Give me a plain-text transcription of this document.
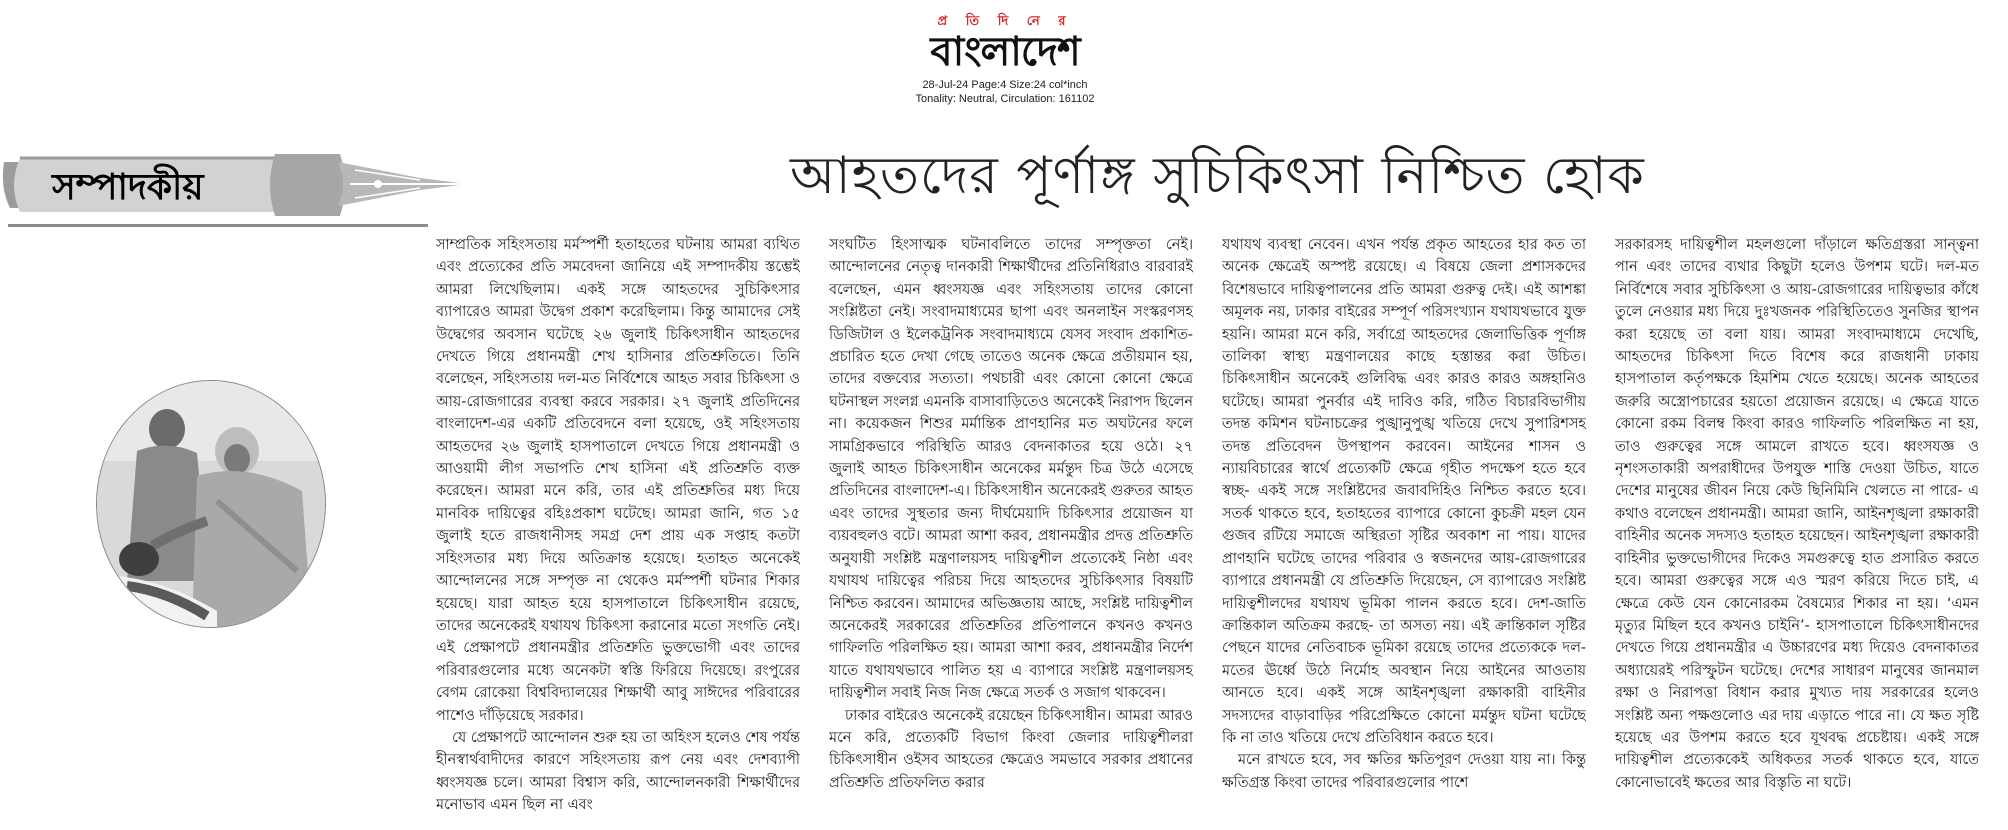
প্র তি দি নে র
বাংলাদেশ
28-Jul-24 Page:4 Size:24 col*inch
Tonality: Neutral, Circulation: 161102
সম্পাদকীয়	আহতদের পূর্ণাঙ্গ সুচিকিৎসা নিশ্চিত হোক

সাম্প্রতিক সহিংসতায় মর্মস্পর্শী হতাহতের ঘটনায় আমরা ব্যথিত এবং প্রত্যেকের প্রতি সমবেদনা জানিয়ে এই সম্পাদকীয় স্তম্ভেই আমরা লিখেছিলাম। একই সঙ্গে আহতদের সুচিকিৎসার ব্যাপারেও আমরা উদ্বেগ প্রকাশ করেছিলাম। কিন্তু আমাদের সেই উদ্বেগের অবসান ঘটেছে ২৬ জুলাই চিকিৎসাধীন আহতদের দেখতে গিয়ে প্রধানমন্ত্রী শেখ হাসিনার প্রতিশ্রুতিতে। তিনি বলেছেন, সহিংসতায় দল-মত নির্বিশেষে আহত সবার চিকিৎসা ও আয়-রোজগারের ব্যবস্থা করবে সরকার। ২৭ জুলাই প্রতিদিনের বাংলাদেশ-এর একটি প্রতিবেদনে বলা হয়েছে, ওই সহিংসতায় আহতদের ২৬ জুলাই হাসপাতালে দেখতে গিয়ে প্রধানমন্ত্রী ও আওয়ামী লীগ সভাপতি শেখ হাসিনা এই প্রতিশ্রুতি ব্যক্ত করেছেন। আমরা মনে করি, তার এই প্রতিশ্রুতির মধ্য দিয়ে মানবিক দায়িত্বের বহিঃপ্রকাশ ঘটেছে। আমরা জানি, গত ১৫ জুলাই হতে রাজধানীসহ সমগ্র দেশ প্রায় এক সপ্তাহ কতটা সহিংসতার মধ্য দিয়ে অতিক্রান্ত হয়েছে। হতাহত অনেকেই আন্দোলনের সঙ্গে সম্পৃক্ত না থেকেও মর্মস্পর্শী ঘটনার শিকার হয়েছে। যারা আহত হয়ে হাসপাতালে চিকিৎসাধীন রয়েছে, তাদের অনেকেরই যথাযথ চিকিৎসা করানোর মতো সংগতি নেই। এই প্রেক্ষাপটে প্রধানমন্ত্রীর প্রতিশ্রুতি ভুক্তভোগী এবং তাদের পরিবারগুলোর মধ্যে অনেকটা স্বস্তি ফিরিয়ে দিয়েছে। রংপুরের বেগম রোকেয়া বিশ্ববিদ্যালয়ের শিক্ষার্থী আবু সাঈদের পরিবারের পাশেও দাঁড়িয়েছে সরকার।

যে প্রেক্ষাপটে আন্দোলন শুরু হয় তা অহিংস হলেও শেষ পর্যন্ত হীনস্বার্থবাদীদের কারণে সহিংসতায় রূপ নেয় এবং দেশব্যাপী ধ্বংসযজ্ঞ চলে। আমরা বিশ্বাস করি, আন্দোলনকারী শিক্ষার্থীদের মনোভাব এমন ছিল না এবং

সংঘটিত হিংসাত্মক ঘটনাবলিতে তাদের সম্পৃক্ততা নেই। আন্দোলনের নেতৃত্ব দানকারী শিক্ষার্থীদের প্রতিনিধিরাও বারবারই বলেছেন, এমন ধ্বংসযজ্ঞ এবং সহিংসতায় তাদের কোনো সংশ্লিষ্টতা নেই। সংবাদমাধ্যমের ছাপা এবং অনলাইন সংস্করণসহ ডিজিটাল ও ইলেকট্রনিক সংবাদমাধ্যমে যেসব সংবাদ প্রকাশিত-প্রচারিত হতে দেখা গেছে তাতেও অনেক ক্ষেত্রে প্রতীয়মান হয়, তাদের বক্তব্যের সত্যতা। পথচারী এবং কোনো কোনো ক্ষেত্রে ঘটনাস্থল সংলগ্ন এমনকি বাসাবাড়িতেও অনেকেই নিরাপদ ছিলেন না। কয়েকজন শিশুর মর্মান্তিক প্রাণহানির মত অঘটনের ফলে সামগ্রিকভাবে পরিস্থিতি আরও বেদনাকাতর হয়ে ওঠে। ২৭ জুলাই আহত চিকিৎসাধীন অনেকের মর্মন্তুদ চিত্র উঠে এসেছে প্রতিদিনের বাংলাদেশ-এ। চিকিৎসাধীন অনেকেরই গুরুতর আহত এবং তাদের সুস্থতার জন্য দীর্ঘমেয়াদি চিকিৎসার প্রয়োজন যা ব্যয়বহুলও বটে। আমরা আশা করব, প্রধানমন্ত্রীর প্রদত্ত প্রতিশ্রুতি অনুযায়ী সংশ্লিষ্ট মন্ত্রণালয়সহ দায়িত্বশীল প্রত্যেকেই নিষ্ঠা এবং যথাযথ দায়িত্বের পরিচয় দিয়ে আহতদের সুচিকিৎসার বিষয়টি নিশ্চিত করবেন। আমাদের অভিজ্ঞতায় আছে, সংশ্লিষ্ট দায়িত্বশীল অনেকেরই সরকারের প্রতিশ্রুতির প্রতিপালনে কখনও কখনও গাফিলতি পরিলক্ষিত হয়। আমরা আশা করব, প্রধানমন্ত্রীর নির্দেশ যাতে যথাযথভাবে পালিত হয় এ ব্যাপারে সংশ্লিষ্ট মন্ত্রণালয়সহ দায়িত্বশীল সবাই নিজ নিজ ক্ষেত্রে সতর্ক ও সজাগ থাকবেন।

ঢাকার বাইরেও অনেকেই রয়েছেন চিকিৎসাধীন। আমরা আরও মনে করি, প্রত্যেকটি বিভাগ কিংবা জেলার দায়িত্বশীলরা চিকিৎসাধীন ওইসব আহতের ক্ষেত্রেও সমভাবে সরকার প্রধানের প্রতিশ্রুতি প্রতিফলিত করার

যথাযথ ব্যবস্থা নেবেন। এখন পর্যন্ত প্রকৃত আহতের হার কত তা অনেক ক্ষেত্রেই অস্পষ্ট রয়েছে। এ বিষয়ে জেলা প্রশাসকদের বিশেষভাবে দায়িত্বপালনের প্রতি আমরা গুরুত্ব দেই। এই আশঙ্কা অমূলক নয়, ঢাকার বাইরের সম্পূর্ণ পরিসংখ্যান যথাযথভাবে যুক্ত হয়নি। আমরা মনে করি, সর্বাগ্রে আহতদের জেলাভিত্তিক পূর্ণাঙ্গ তালিকা স্বাস্থ্য মন্ত্রণালয়ের কাছে হস্তান্তর করা উচিত। চিকিৎসাধীন অনেকেই গুলিবিদ্ধ এবং কারও কারও অঙ্গহানিও ঘটেছে। আমরা পুনর্বার এই দাবিও করি, গঠিত বিচারবিভাগীয় তদন্ত কমিশন ঘটনাচক্রের পুঙ্খানুপুঙ্খ খতিয়ে দেখে সুপারিশসহ তদন্ত প্রতিবেদন উপস্থাপন করবেন। আইনের শাসন ও ন্যায়বিচারের স্বার্থে প্রত্যেকটি ক্ষেত্রে গৃহীত পদক্ষেপ হতে হবে স্বচ্ছ- একই সঙ্গে সংশ্লিষ্টদের জবাবদিহিও নিশ্চিত করতে হবে। সতর্ক থাকতে হবে, হতাহতের ব্যাপারে কোনো কুচক্রী মহল যেন গুজব রটিয়ে সমাজে অস্থিরতা সৃষ্টির অবকাশ না পায়। যাদের প্রাণহানি ঘটেছে তাদের পরিবার ও স্বজনদের আয়-রোজগারের ব্যাপারে প্রধানমন্ত্রী যে প্রতিশ্রুতি দিয়েছেন, সে ব্যাপারেও সংশ্লিষ্ট দায়িত্বশীলদের যথাযথ ভূমিকা পালন করতে হবে। দেশ-জাতি ক্রান্তিকাল অতিক্রম করছে- তা অসত্য নয়। এই ক্রান্তিকাল সৃষ্টির পেছনে যাদের নেতিবাচক ভূমিকা রয়েছে তাদের প্রত্যেককে দল-মতের ঊর্ধ্বে উঠে নির্মোহ অবস্থান নিয়ে আইনের আওতায় আনতে হবে। একই সঙ্গে আইনশৃঙ্খলা রক্ষাকারী বাহিনীর সদস্যদের বাড়াবাড়ির পরিপ্রেক্ষিতে কোনো মর্মন্তুদ ঘটনা ঘটেছে কি না তাও খতিয়ে দেখে প্রতিবিধান করতে হবে।

মনে রাখতে হবে, সব ক্ষতির ক্ষতিপূরণ দেওয়া যায় না। কিন্তু ক্ষতিগ্রস্ত কিংবা তাদের পরিবারগুলোর পাশে

সরকারসহ দায়িত্বশীল মহলগুলো দাঁড়ালে ক্ষতিগ্রস্তরা সান্ত্বনা পান এবং তাদের ব্যথার কিছুটা হলেও উপশম ঘটে। দল-মত নির্বিশেষে সবার সুচিকিৎসা ও আয়-রোজগারের দায়িত্বভার কাঁধে তুলে নেওয়ার মধ্য দিয়ে দুঃখজনক পরিস্থিতিতেও সুনজির স্থাপন করা হয়েছে তা বলা যায়। আমরা সংবাদমাধ্যমে দেখেছি, আহতদের চিকিৎসা দিতে বিশেষ করে রাজধানী ঢাকায় হাসপাতাল কর্তৃপক্ষকে হিমশিম খেতে হয়েছে। অনেক আহতের জরুরি অস্ত্রোপচারের হয়তো প্রয়োজন রয়েছে। এ ক্ষেত্রে যাতে কোনো রকম বিলম্ব কিংবা কারও গাফিলতি পরিলক্ষিত না হয়, তাও গুরুত্বের সঙ্গে আমলে রাখতে হবে। ধ্বংসযজ্ঞ ও নৃশংসতাকারী অপরাধীদের উপযুক্ত শাস্তি দেওয়া উচিত, যাতে দেশের মানুষের জীবন নিয়ে কেউ ছিনিমিনি খেলতে না পারে- এ কথাও বলেছেন প্রধানমন্ত্রী। আমরা জানি, আইনশৃঙ্খলা রক্ষাকারী বাহিনীর অনেক সদস্যও হতাহত হয়েছেন। আইনশৃঙ্খলা রক্ষাকারী বাহিনীর ভুক্তভোগীদের দিকেও সমগুরুত্বে হাত প্রসারিত করতে হবে। আমরা গুরুত্বের সঙ্গে এও স্মরণ করিয়ে দিতে চাই, এ ক্ষেত্রে কেউ যেন কোনোরকম বৈষম্যের শিকার না হয়। ‘এমন মৃত্যুর মিছিল হবে কখনও চাইনি’- হাসপাতালে চিকিৎসাধীনদের দেখতে গিয়ে প্রধানমন্ত্রীর এ উচ্চারণের মধ্য দিয়েও বেদনাকাতর অধ্যায়েরই পরিস্ফুটন ঘটেছে। দেশের সাধারণ মানুষের জানমাল রক্ষা ও নিরাপত্তা বিধান করার মুখ্যত দায় সরকারের হলেও সংশ্লিষ্ট অন্য পক্ষগুলোও এর দায় এড়াতে পারে না। যে ক্ষত সৃষ্টি হয়েছে এর উপশম করতে হবে যূথবদ্ধ প্রচেষ্টায়। একই সঙ্গে দায়িত্বশীল প্রত্যেককেই অধিকতর সতর্ক থাকতে হবে, যাতে কোনোভাবেই ক্ষতের আর বিস্তৃতি না ঘটে।
